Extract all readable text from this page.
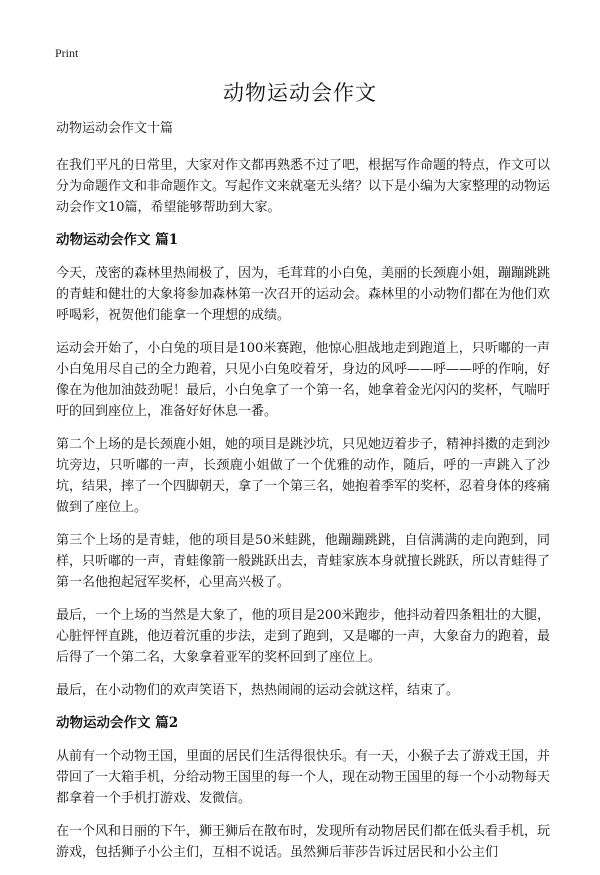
Print
动物运动会作文

动物运动会作文十篇

在我们平凡的日常里，大家对作文都再熟悉不过了吧，根据写作命题的特点，作文可以分为命题作文和非命题作文。写起作文来就毫无头绪？以下是小编为大家整理的动物运动会作文10篇，希望能够帮助到大家。

动物运动会作文 篇1

今天，茂密的森林里热闹极了，因为，毛茸茸的小白兔，美丽的长颈鹿小姐，蹦蹦跳跳的青蛙和健壮的大象将参加森林第一次召开的运动会。森林里的小动物们都在为他们欢呼喝彩，祝贺他们能拿一个理想的成绩。

运动会开始了，小白兔的项目是100米赛跑，他惊心胆战地走到跑道上，只听嘟的一声小白兔用尽自己的全力跑着，只见小白兔咬着牙，身边的风呼——呼——呼的作响，好像在为他加油鼓劲呢！最后，小白兔拿了一个第一名，她拿着金光闪闪的奖杯，气喘吁吁的回到座位上，准备好好休息一番。

第二个上场的是长颈鹿小姐，她的项目是跳沙坑，只见她迈着步子，精神抖擞的走到沙坑旁边，只听嘟的一声，长颈鹿小姐做了一个优雅的动作，随后，呼的一声跳入了沙坑，结果，摔了一个四脚朝天，拿了一个第三名，她抱着季军的奖杯，忍着身体的疼痛做到了座位上。

第三个上场的是青蛙，他的项目是50米蛙跳，他蹦蹦跳跳，自信满满的走向跑到，同样，只听嘟的一声，青蛙像箭一般跳跃出去，青蛙家族本身就擅长跳跃，所以青蛙得了第一名他抱起冠军奖杯，心里高兴极了。

最后，一个上场的当然是大象了，他的项目是200米跑步，他抖动着四条粗壮的大腿，心脏怦怦直跳，他迈着沉重的步法，走到了跑到，又是嘟的一声，大象奋力的跑着，最后得了一个第二名，大象拿着亚军的奖杯回到了座位上。

最后，在小动物们的欢声笑语下，热热闹闹的运动会就这样，结束了。

动物运动会作文 篇2

从前有一个动物王国，里面的居民们生活得很快乐。有一天，小猴子去了游戏王国，并带回了一大箱手机，分给动物王国里的每一个人，现在动物王国里的每一个小动物每天都拿着一个手机打游戏、发微信。

在一个风和日丽的下午，狮王狮后在散布时，发现所有动物居民们都在低头看手机，玩游戏，包括狮子小公主们，互相不说话。虽然狮后菲莎告诉过居民和小公主们
